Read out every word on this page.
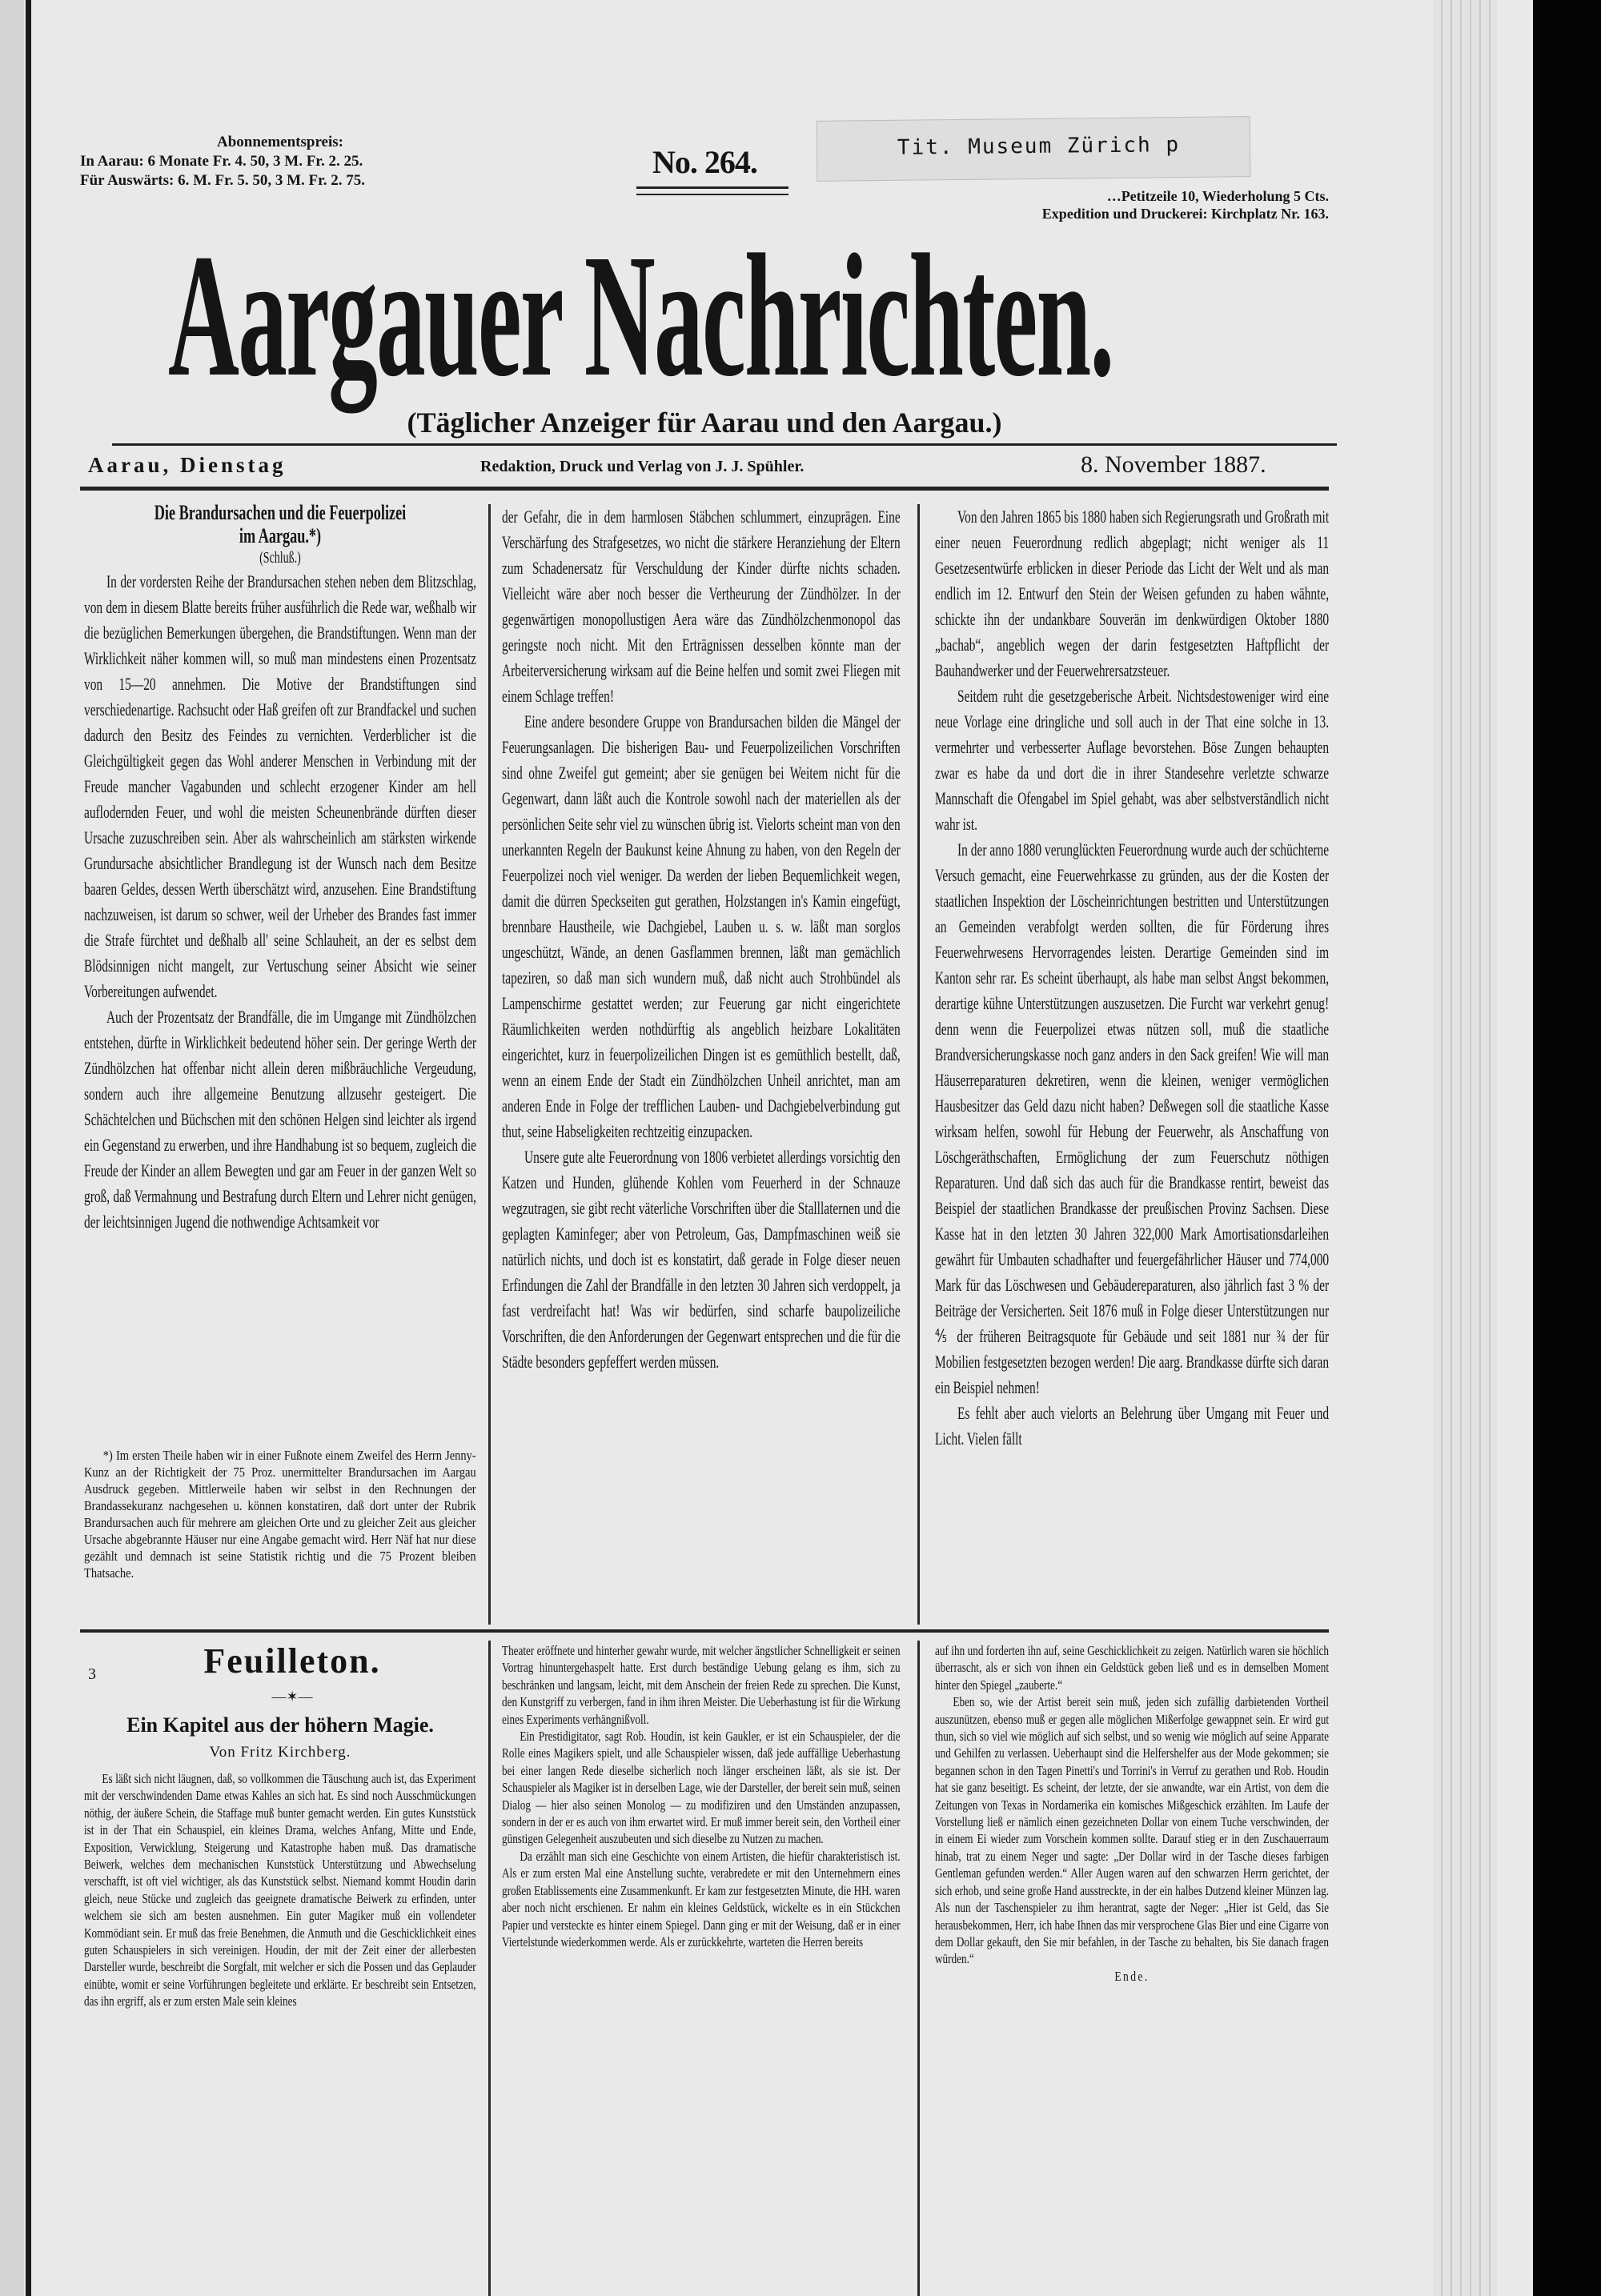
Abonnementspreis:
In Aarau: 6 Monate Fr. 4. 50, 3 M. Fr. 2. 25.
Für Auswärts: 6. M. Fr. 5. 50, 3 M. Fr. 2. 75.
No. 264.	Tit. Museum Zürich p
…Petitzeile 10, Wiederholung 5 Cts.
Expedition und Druckerei: Kirchplatz Nr. 163.
Aargauer Nachrichten.
(Täglicher Anzeiger für Aarau und den Aargau.)
Aarau, Dienstag	Redaktion, Druck und Verlag von J. J. Spühler.	8. November 1887.
Die Brandursachen und die Feuerpolizei
im Aargau.*)
(Schluß.)

In der vordersten Reihe der Brandursachen stehen neben dem Blitzschlag, von dem in diesem Blatte bereits früher ausführlich die Rede war, weßhalb wir die bezüglichen Bemerkungen übergehen, die Brandstiftungen. Wenn man der Wirklichkeit näher kommen will, so muß man mindestens einen Prozentsatz von 15—20 annehmen. Die Motive der Brandstiftungen sind verschiedenartige. Rachsucht oder Haß greifen oft zur Brandfackel und suchen dadurch den Besitz des Feindes zu vernichten. Verderblicher ist die Gleichgültigkeit gegen das Wohl anderer Menschen in Verbindung mit der Freude mancher Vagabunden und schlecht erzogener Kinder am hell auflodernden Feuer, und wohl die meisten Scheunenbrände dürften dieser Ursache zuzuschreiben sein. Aber als wahrscheinlich am stärksten wirkende Grundursache absichtlicher Brandlegung ist der Wunsch nach dem Besitze baaren Geldes, dessen Werth überschätzt wird, anzusehen. Eine Brandstiftung nachzuweisen, ist darum so schwer, weil der Urheber des Brandes fast immer die Strafe fürchtet und deßhalb all' seine Schlauheit, an der es selbst dem Blödsinnigen nicht mangelt, zur Vertuschung seiner Absicht wie seiner Vorbereitungen aufwendet.

Auch der Prozentsatz der Brandfälle, die im Umgange mit Zündhölzchen entstehen, dürfte in Wirklichkeit bedeutend höher sein. Der geringe Werth der Zündhölzchen hat offenbar nicht allein deren mißbräuchliche Vergeudung, sondern auch ihre allgemeine Benutzung allzusehr gesteigert. Die Schächtelchen und Büchschen mit den schönen Helgen sind leichter als irgend ein Gegenstand zu erwerben, und ihre Handhabung ist so bequem, zugleich die Freude der Kinder an allem Bewegten und gar am Feuer in der ganzen Welt so groß, daß Vermahnung und Bestrafung durch Eltern und Lehrer nicht genügen, der leichtsinnigen Jugend die nothwendige Achtsamkeit vor

*) Im ersten Theile haben wir in einer Fußnote einem Zweifel des Herrn Jenny-Kunz an der Richtigkeit der 75 Proz. unermittelter Brandursachen im Aargau Ausdruck gegeben. Mittlerweile haben wir selbst in den Rechnungen der Brandassekuranz nachgesehen u. können konstatiren, daß dort unter der Rubrik Brandursachen auch für mehrere am gleichen Orte und zu gleicher Zeit aus gleicher Ursache abgebrannte Häuser nur eine Angabe gemacht wird. Herr Näf hat nur diese gezählt und demnach ist seine Statistik richtig und die 75 Prozent bleiben Thatsache.

der Gefahr, die in dem harmlosen Stäbchen schlummert, einzuprägen. Eine Verschärfung des Strafgesetzes, wo nicht die stärkere Heranziehung der Eltern zum Schadenersatz für Verschuldung der Kinder dürfte nichts schaden. Vielleicht wäre aber noch besser die Vertheurung der Zündhölzer. In der gegenwärtigen monopollustigen Aera wäre das Zündhölzchenmonopol das geringste noch nicht. Mit den Erträgnissen desselben könnte man der Arbeiterversicherung wirksam auf die Beine helfen und somit zwei Fliegen mit einem Schlage treffen!

Eine andere besondere Gruppe von Brandursachen bilden die Mängel der Feuerungsanlagen. Die bisherigen Bau- und Feuerpolizeilichen Vorschriften sind ohne Zweifel gut gemeint; aber sie genügen bei Weitem nicht für die Gegenwart, dann läßt auch die Kontrole sowohl nach der materiellen als der persönlichen Seite sehr viel zu wünschen übrig ist. Vielorts scheint man von den unerkannten Regeln der Baukunst keine Ahnung zu haben, von den Regeln der Feuerpolizei noch viel weniger. Da werden der lieben Bequemlichkeit wegen, damit die dürren Speckseiten gut gerathen, Holzstangen in's Kamin eingefügt, brennbare Haustheile, wie Dachgiebel, Lauben u. s. w. läßt man sorglos ungeschützt, Wände, an denen Gasflammen brennen, läßt man gemächlich tapeziren, so daß man sich wundern muß, daß nicht auch Strohbündel als Lampenschirme gestattet werden; zur Feuerung gar nicht eingerichtete Räumlichkeiten werden nothdürftig als angeblich heizbare Lokalitäten eingerichtet, kurz in feuerpolizeilichen Dingen ist es gemüthlich bestellt, daß, wenn an einem Ende der Stadt ein Zündhölzchen Unheil anrichtet, man am anderen Ende in Folge der trefflichen Lauben- und Dachgiebelverbindung gut thut, seine Habseligkeiten rechtzeitig einzupacken.

Unsere gute alte Feuerordnung von 1806 verbietet allerdings vorsichtig den Katzen und Hunden, glühende Kohlen vom Feuerherd in der Schnauze wegzutragen, sie gibt recht väterliche Vorschriften über die Stalllaternen und die geplagten Kaminfeger; aber von Petroleum, Gas, Dampfmaschinen weiß sie natürlich nichts, und doch ist es konstatirt, daß gerade in Folge dieser neuen Erfindungen die Zahl der Brandfälle in den letzten 30 Jahren sich verdoppelt, ja fast verdreifacht hat! Was wir bedürfen, sind scharfe baupolizeiliche Vorschriften, die den Anforderungen der Gegenwart entsprechen und die für die Städte besonders gepfeffert werden müssen.

Von den Jahren 1865 bis 1880 haben sich Regierungsrath und Großrath mit einer neuen Feuerordnung redlich abgeplagt; nicht weniger als 11 Gesetzesentwürfe erblicken in dieser Periode das Licht der Welt und als man endlich im 12. Entwurf den Stein der Weisen gefunden zu haben wähnte, schickte ihn der undankbare Souverän im denkwürdigen Oktober 1880 „bachab“, angeblich wegen der darin festgesetzten Haftpflicht der Bauhandwerker und der Feuerwehrersatzsteuer.

Seitdem ruht die gesetzgeberische Arbeit. Nichtsdestoweniger wird eine neue Vorlage eine dringliche und soll auch in der That eine solche in 13. vermehrter und verbesserter Auflage bevorstehen. Böse Zungen behaupten zwar es habe da und dort die in ihrer Standesehre verletzte schwarze Mannschaft die Ofengabel im Spiel gehabt, was aber selbstverständlich nicht wahr ist.

In der anno 1880 verunglückten Feuerordnung wurde auch der schüchterne Versuch gemacht, eine Feuerwehrkasse zu gründen, aus der die Kosten der staatlichen Inspektion der Löscheinrichtungen bestritten und Unterstützungen an Gemeinden verabfolgt werden sollten, die für Förderung ihres Feuerwehrwesens Hervorragendes leisten. Derartige Gemeinden sind im Kanton sehr rar. Es scheint überhaupt, als habe man selbst Angst bekommen, derartige kühne Unterstützungen auszusetzen. Die Furcht war verkehrt genug! denn wenn die Feuerpolizei etwas nützen soll, muß die staatliche Brandversicherungskasse noch ganz anders in den Sack greifen! Wie will man Häuserreparaturen dekretiren, wenn die kleinen, weniger vermöglichen Hausbesitzer das Geld dazu nicht haben? Deßwegen soll die staatliche Kasse wirksam helfen, sowohl für Hebung der Feuerwehr, als Anschaffung von Löschgeräthschaften, Ermöglichung der zum Feuerschutz nöthigen Reparaturen. Und daß sich das auch für die Brandkasse rentirt, beweist das Beispiel der staatlichen Brandkasse der preußischen Provinz Sachsen. Diese Kasse hat in den letzten 30 Jahren 322,000 Mark Amortisationsdarleihen gewährt für Umbauten schadhafter und feuergefährlicher Häuser und 774,000 Mark für das Löschwesen und Gebäudereparaturen, also jährlich fast 3 % der Beiträge der Versicherten. Seit 1876 muß in Folge dieser Unterstützungen nur ⅘ der früheren Beitragsquote für Gebäude und seit 1881 nur ¾ der für Mobilien festgesetzten bezogen werden! Die aarg. Brandkasse dürfte sich daran ein Beispiel nehmen!

Es fehlt aber auch vielorts an Belehrung über Umgang mit Feuer und Licht. Vielen fällt

3	Feuilleton.
—✶—
Ein Kapitel aus der höhern Magie.
Von Fritz Kirchberg.

Es läßt sich nicht läugnen, daß, so vollkommen die Täuschung auch ist, das Experiment mit der verschwindenden Dame etwas Kahles an sich hat. Es sind noch Ausschmückungen nöthig, der äußere Schein, die Staffage muß bunter gemacht werden. Ein gutes Kunststück ist in der That ein Schauspiel, ein kleines Drama, welches Anfang, Mitte und Ende, Exposition, Verwicklung, Steigerung und Katastrophe haben muß. Das dramatische Beiwerk, welches dem mechanischen Kunststück Unterstützung und Abwechselung verschafft, ist oft viel wichtiger, als das Kunststück selbst. Niemand kommt Houdin darin gleich, neue Stücke und zugleich das geeignete dramatische Beiwerk zu erfinden, unter welchem sie sich am besten ausnehmen. Ein guter Magiker muß ein vollendeter Kommödiant sein. Er muß das freie Benehmen, die Anmuth und die Geschicklichkeit eines guten Schauspielers in sich vereinigen. Houdin, der mit der Zeit einer der allerbesten Darsteller wurde, beschreibt die Sorgfalt, mit welcher er sich die Possen und das Geplauder einübte, womit er seine Vorführungen begleitete und erklärte. Er beschreibt sein Entsetzen, das ihn ergriff, als er zum ersten Male sein kleines

Theater eröffnete und hinterher gewahr wurde, mit welcher ängstlicher Schnelligkeit er seinen Vortrag hinuntergehaspelt hatte. Erst durch beständige Uebung gelang es ihm, sich zu beschränken und langsam, leicht, mit dem Anschein der freien Rede zu sprechen. Die Kunst, den Kunstgriff zu verbergen, fand in ihm ihren Meister. Die Ueberhastung ist für die Wirkung eines Experiments verhängnißvoll.

Ein Prestidigitator, sagt Rob. Houdin, ist kein Gaukler, er ist ein Schauspieler, der die Rolle eines Magikers spielt, und alle Schauspieler wissen, daß jede auffällige Ueberhastung bei einer langen Rede dieselbe sicherlich noch länger erscheinen läßt, als sie ist. Der Schauspieler als Magiker ist in derselben Lage, wie der Darsteller, der bereit sein muß, seinen Dialog — hier also seinen Monolog — zu modifiziren und den Umständen anzupassen, sondern in der er es auch von ihm erwartet wird. Er muß immer bereit sein, den Vortheil einer günstigen Gelegenheit auszubeuten und sich dieselbe zu Nutzen zu machen.

Da erzählt man sich eine Geschichte von einem Artisten, die hiefür charakteristisch ist. Als er zum ersten Mal eine Anstellung suchte, verabredete er mit den Unternehmern eines großen Etablissements eine Zusammenkunft. Er kam zur festgesetzten Minute, die HH. waren aber noch nicht erschienen. Er nahm ein kleines Geldstück, wickelte es in ein Stückchen Papier und versteckte es hinter einem Spiegel. Dann ging er mit der Weisung, daß er in einer Viertelstunde wiederkommen werde. Als er zurückkehrte, warteten die Herren bereits

auf ihn und forderten ihn auf, seine Geschicklichkeit zu zeigen. Natürlich waren sie höchlich überrascht, als er sich von ihnen ein Geldstück geben ließ und es in demselben Moment hinter den Spiegel „zauberte.“

Eben so, wie der Artist bereit sein muß, jeden sich zufällig darbietenden Vortheil auszunützen, ebenso muß er gegen alle möglichen Mißerfolge gewappnet sein. Er wird gut thun, sich so viel wie möglich auf sich selbst, und so wenig wie möglich auf seine Apparate und Gehilfen zu verlassen. Ueberhaupt sind die Helfershelfer aus der Mode gekommen; sie begannen schon in den Tagen Pinetti's und Torrini's in Verruf zu gerathen und Rob. Houdin hat sie ganz beseitigt. Es scheint, der letzte, der sie anwandte, war ein Artist, von dem die Zeitungen von Texas in Nordamerika ein komisches Mißgeschick erzählten. Im Laufe der Vorstellung ließ er nämlich einen gezeichneten Dollar von einem Tuche verschwinden, der in einem Ei wieder zum Vorschein kommen sollte. Darauf stieg er in den Zuschauerraum hinab, trat zu einem Neger und sagte: „Der Dollar wird in der Tasche dieses farbigen Gentleman gefunden werden.“ Aller Augen waren auf den schwarzen Herrn gerichtet, der sich erhob, und seine große Hand ausstreckte, in der ein halbes Dutzend kleiner Münzen lag. Als nun der Taschenspieler zu ihm herantrat, sagte der Neger: „Hier ist Geld, das Sie herausbekommen, Herr, ich habe Ihnen das mir versprochene Glas Bier und eine Cigarre von dem Dollar gekauft, den Sie mir befahlen, in der Tasche zu behalten, bis Sie danach fragen würden.“

Ende.
